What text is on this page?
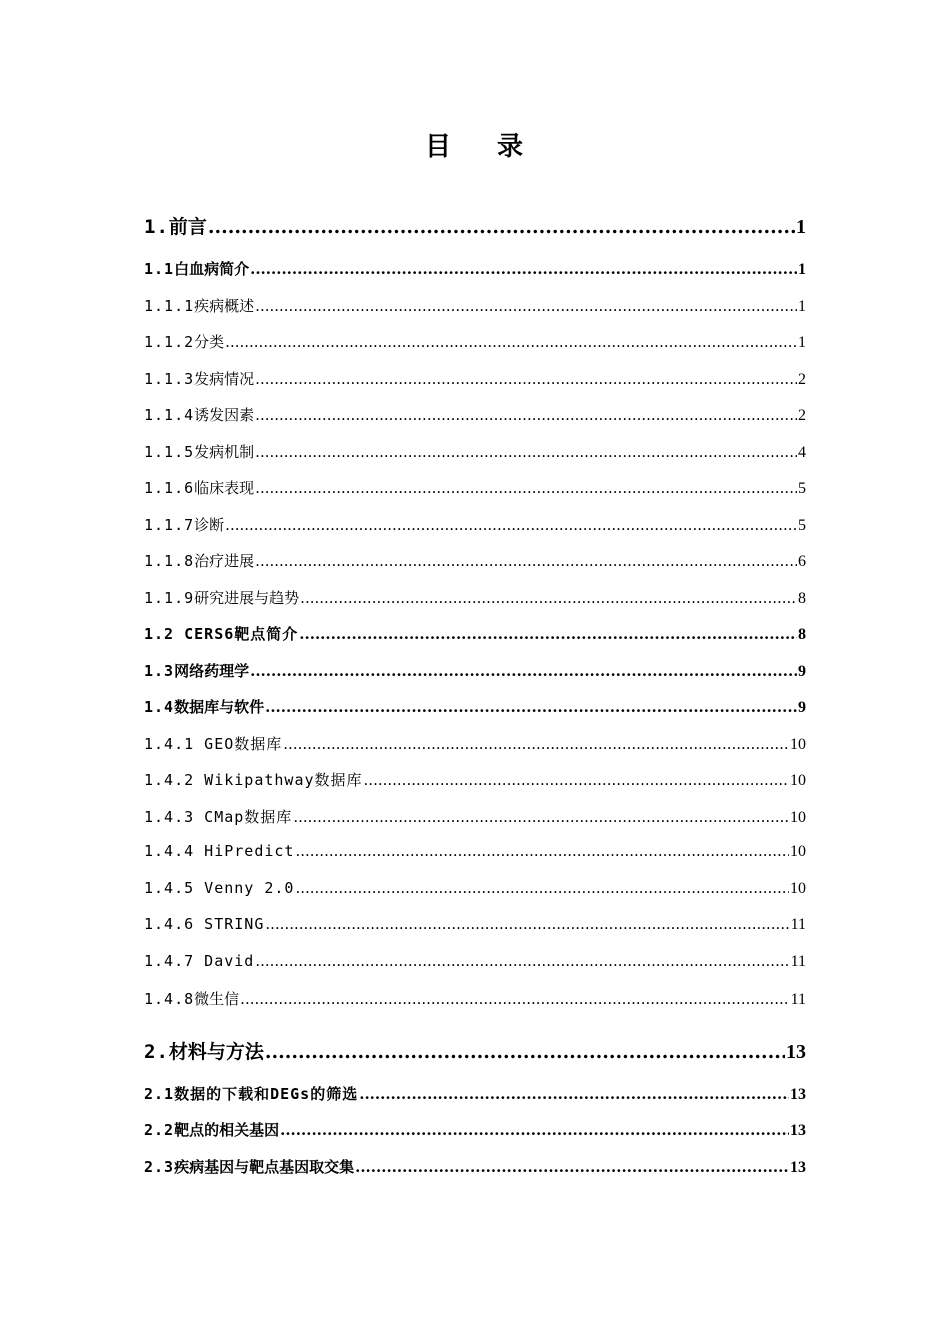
目 录
1.前言 .....	1
1.1白血病简介 .....	1
1.1.1疾病概述 .....	1
1.1.2分类 .....	1
1.1.3发病情况 .....	2
1.1.4诱发因素 .....	2
1.1.5发病机制 .....	4
1.1.6临床表现 .....	5
1.1.7诊断 .....	5
1.1.8治疗进展 .....	6
1.1.9研究进展与趋势 .....	8
1.2 CERS6靶点简介 .....	8
1.3网络药理学 .....	9
1.4数据库与软件 .....	9
1.4.1 GEO数据库 .....	10
1.4.2 Wikipathway数据库 .....	10
1.4.3 CMap数据库 .....	10
1.4.4 HiPredict .....	10
1.4.5 Venny 2.0 .....	10
1.4.6 STRING .....	11
1.4.7 David .....	11
1.4.8微生信 .....	11
2.材料与方法 .....	13
2.1数据的下载和DEGs的筛选 .....	13
2.2靶点的相关基因 .....	13
2.3疾病基因与靶点基因取交集 .....	13
